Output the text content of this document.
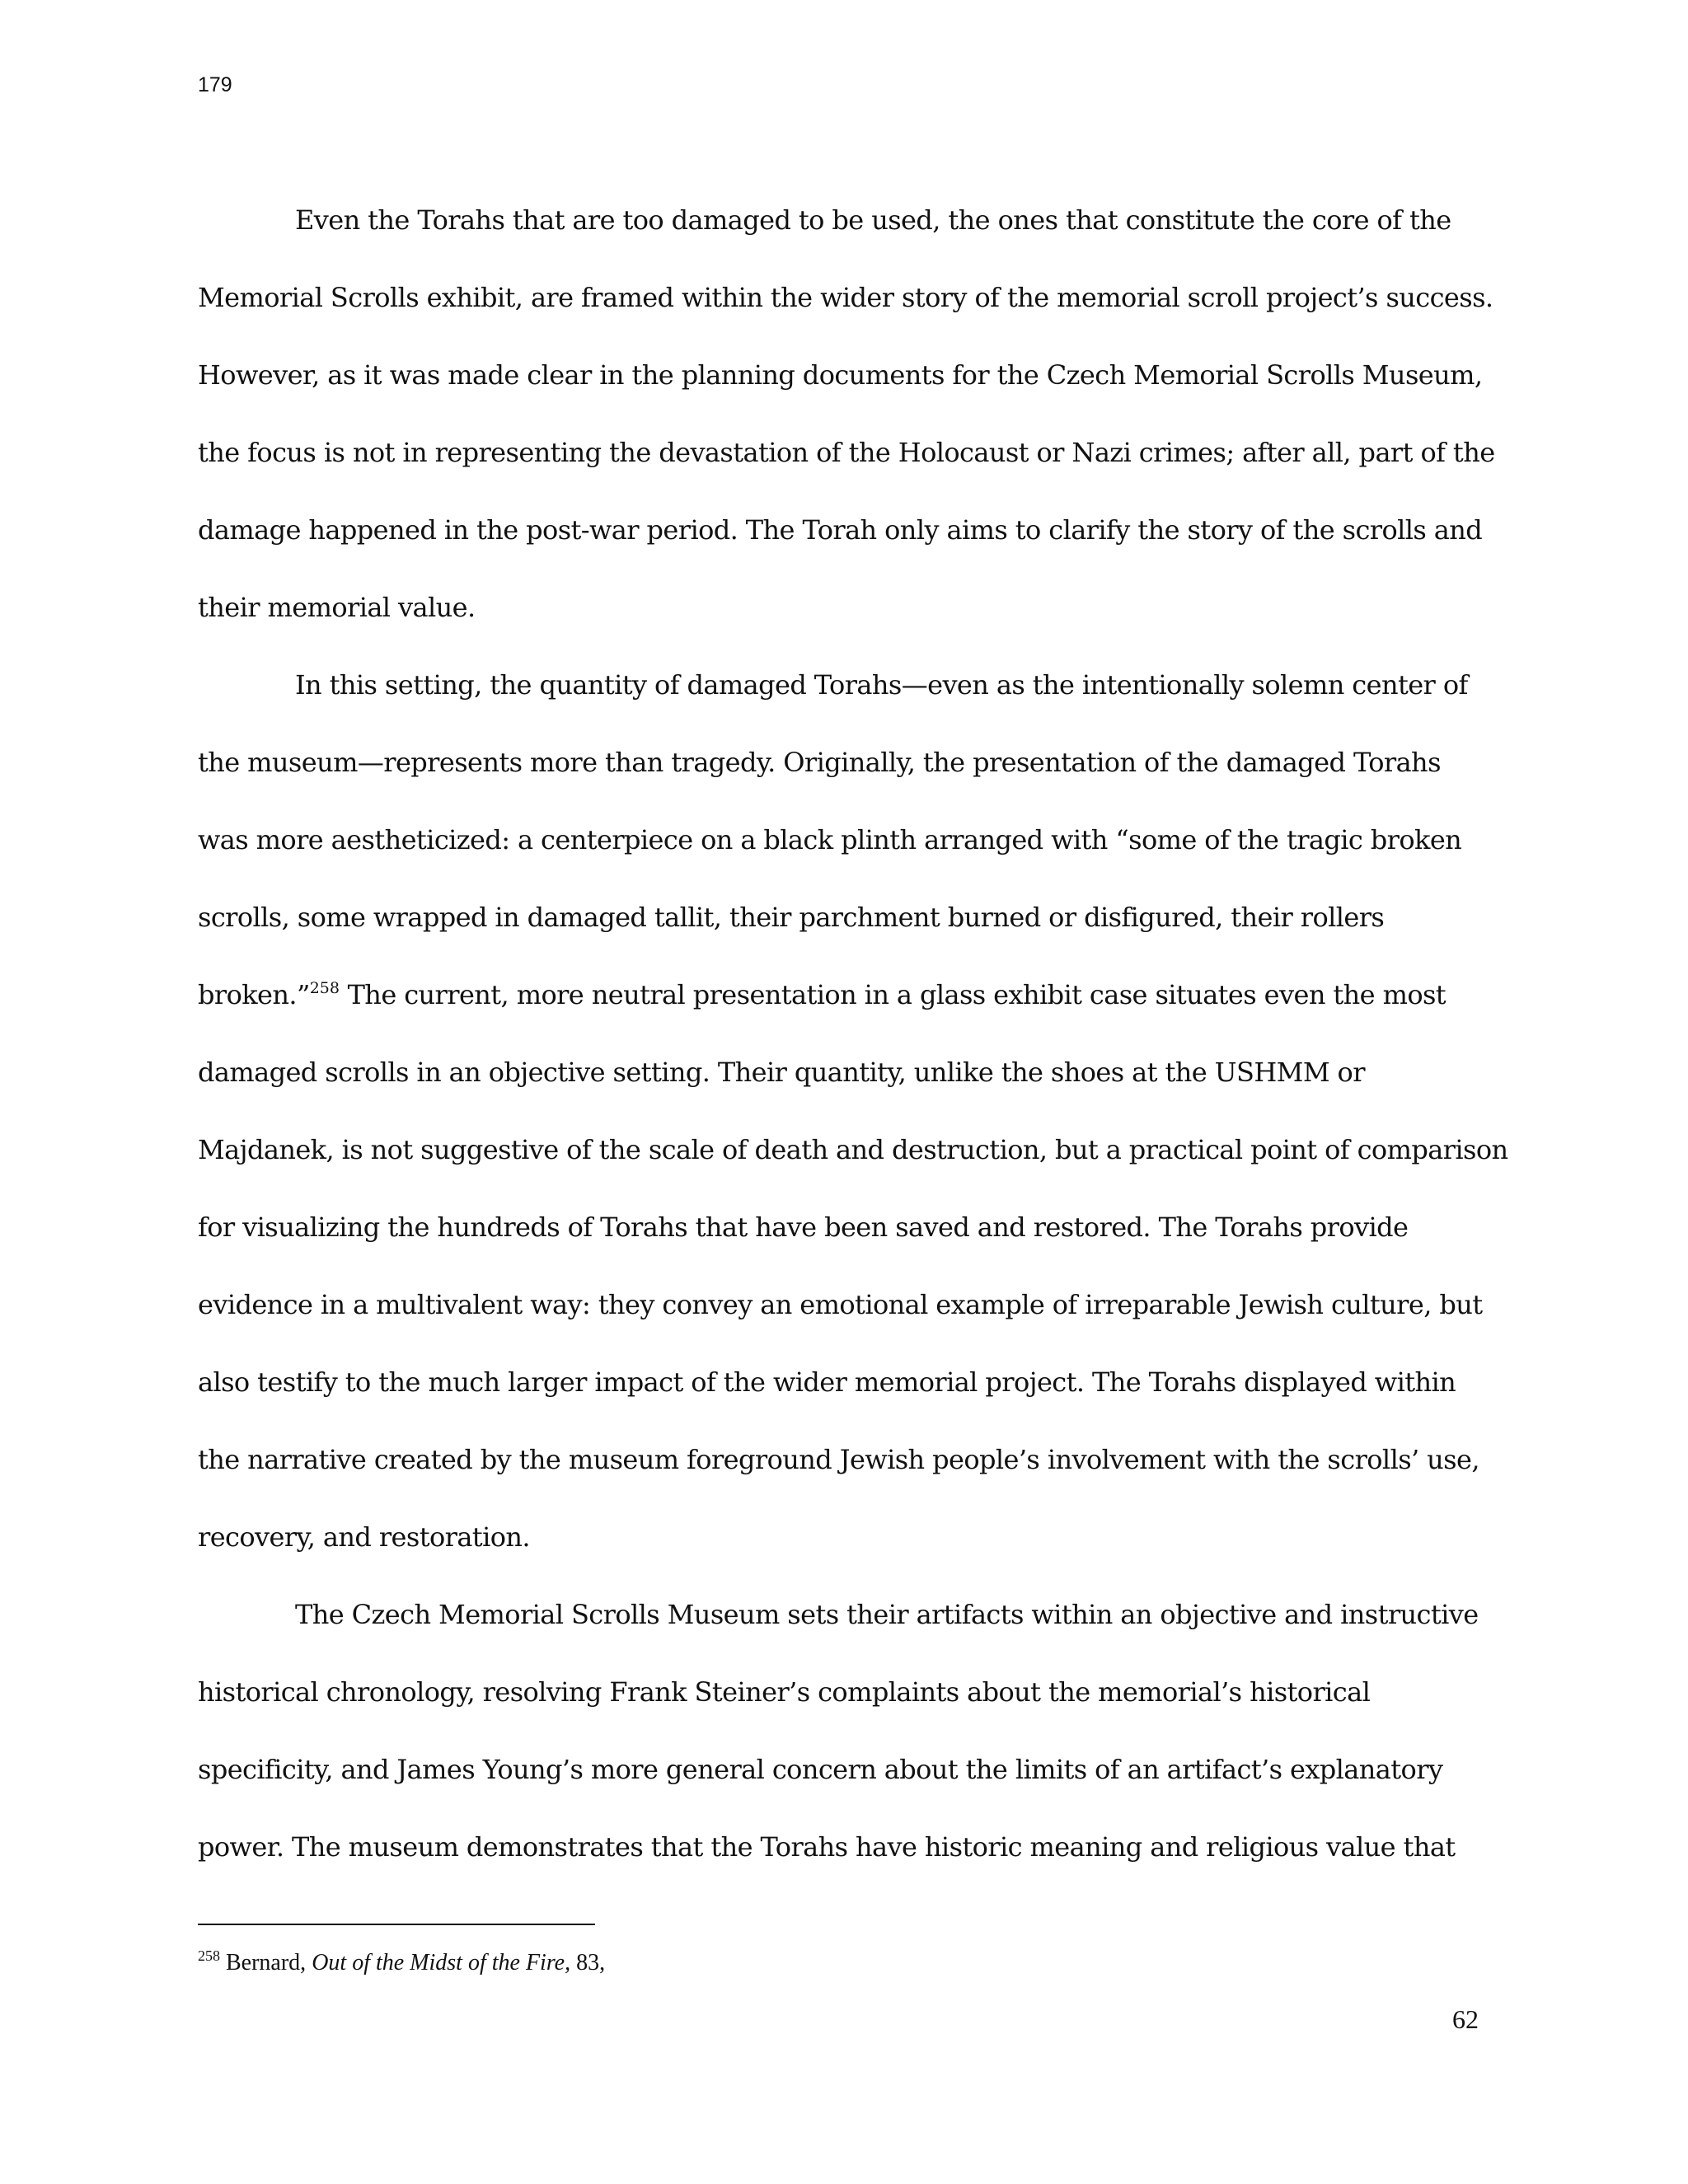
179
Even the Torahs that are too damaged to be used, the ones that constitute the core of the
Memorial Scrolls exhibit, are framed within the wider story of the memorial scroll project’s success.
However, as it was made clear in the planning documents for the Czech Memorial Scrolls Museum,
the focus is not in representing the devastation of the Holocaust or Nazi crimes; after all, part of the
damage happened in the post-war period. The Torah only aims to clarify the story of the scrolls and
their memorial value.
In this setting, the quantity of damaged Torahs—even as the intentionally solemn center of
the museum—represents more than tragedy. Originally, the presentation of the damaged Torahs
was more aestheticized: a centerpiece on a black plinth arranged with “some of the tragic broken
scrolls, some wrapped in damaged tallit, their parchment burned or disfigured, their rollers
broken.”$^{258}$ The current, more neutral presentation in a glass exhibit case situates even the most
damaged scrolls in an objective setting. Their quantity, unlike the shoes at the USHMM or
Majdanek, is not suggestive of the scale of death and destruction, but a practical point of comparison
for visualizing the hundreds of Torahs that have been saved and restored. The Torahs provide
evidence in a multivalent way: they convey an emotional example of irreparable Jewish culture, but
also testify to the much larger impact of the wider memorial project. The Torahs displayed within
the narrative created by the museum foreground Jewish people’s involvement with the scrolls’ use,
recovery, and restoration.
The Czech Memorial Scrolls Museum sets their artifacts within an objective and instructive
historical chronology, resolving Frank Steiner’s complaints about the memorial’s historical
specificity, and James Young’s more general concern about the limits of an artifact’s explanatory
power. The museum demonstrates that the Torahs have historic meaning and religious value that
$^{258}$ Bernard, Out of the Midst of the Fire, 83,
62
